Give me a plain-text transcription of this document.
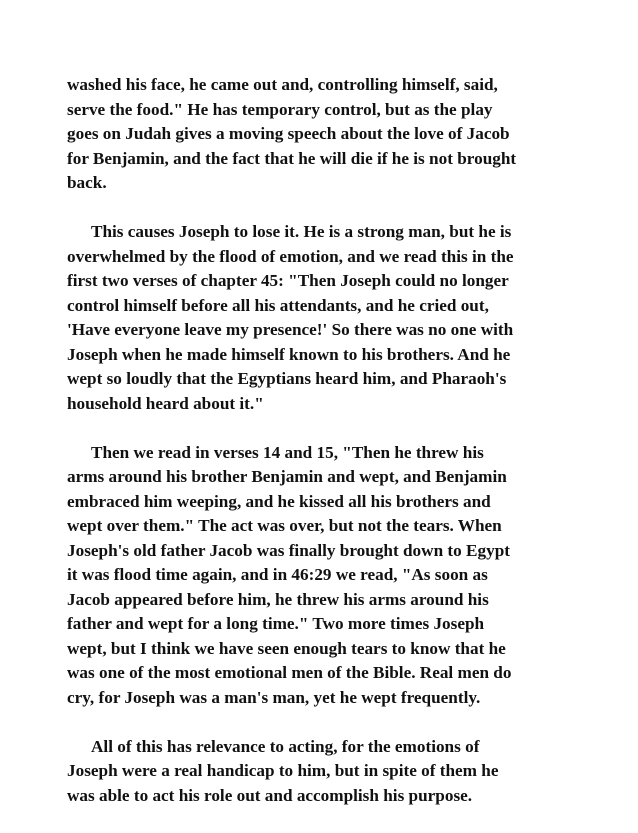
washed his face, he came out and, controlling himself, said,
serve the food." He has temporary control, but as the play
goes on Judah gives a moving speech about the love of Jacob
for Benjamin, and the fact that he will die if he is not brought
back.

This causes Joseph to lose it. He is a strong man, but he is
overwhelmed by the flood of emotion, and we read this in the
first two verses of chapter 45: "Then Joseph could no longer
control himself before all his attendants, and he cried out,
'Have everyone leave my presence!' So there was no one with
Joseph when he made himself known to his brothers. And he
wept so loudly that the Egyptians heard him, and Pharaoh's
household heard about it."

Then we read in verses 14 and 15, "Then he threw his
arms around his brother Benjamin and wept, and Benjamin
embraced him weeping, and he kissed all his brothers and
wept over them." The act was over, but not the tears. When
Joseph's old father Jacob was finally brought down to Egypt
it was flood time again, and in 46:29 we read, "As soon as
Jacob appeared before him, he threw his arms around his
father and wept for a long time." Two more times Joseph
wept, but I think we have seen enough tears to know that he
was one of the most emotional men of the Bible. Real men do
cry, for Joseph was a man's man, yet he wept frequently.

All of this has relevance to acting, for the emotions of
Joseph were a real handicap to him, but in spite of them he
was able to act his role out and accomplish his purpose.
